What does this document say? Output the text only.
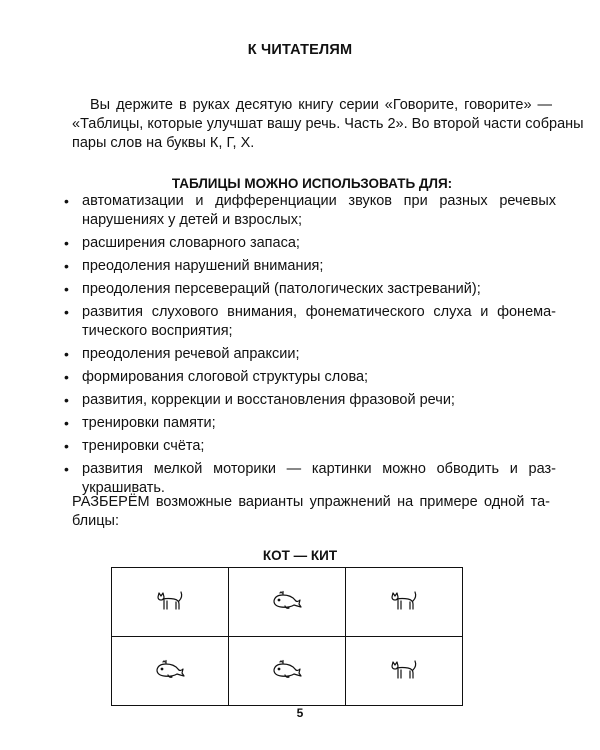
К ЧИТАТЕЛЯМ
Вы держите в руках десятую книгу серии «Говорите, говорите» —
«Таблицы, которые улучшат вашу речь. Часть 2». Во второй части собраны
пары слов на буквы К, Г, Х.
ТАБЛИЦЫ МОЖНО ИСПОЛЬЗОВАТЬ ДЛЯ:
• автоматизации и дифференциации звуков при разных речевых
нарушениях у детей и взрослых;
• расширения словарного запаса;
• преодоления нарушений внимания;
• преодоления персевераций (патологических застреваний);
• развития слухового внимания, фонематического слуха и фонема-
тического восприятия;
• преодоления речевой апраксии;
• формирования слоговой структуры слова;
• развития, коррекции и восстановления фразовой речи;
• тренировки памяти;
• тренировки счёта;
• развития мелкой моторики — картинки можно обводить и раз-
украшивать.
РАЗБЕРЁМ возможные варианты упражнений на примере одной та-
блицы:
КОТ — КИТ

5
